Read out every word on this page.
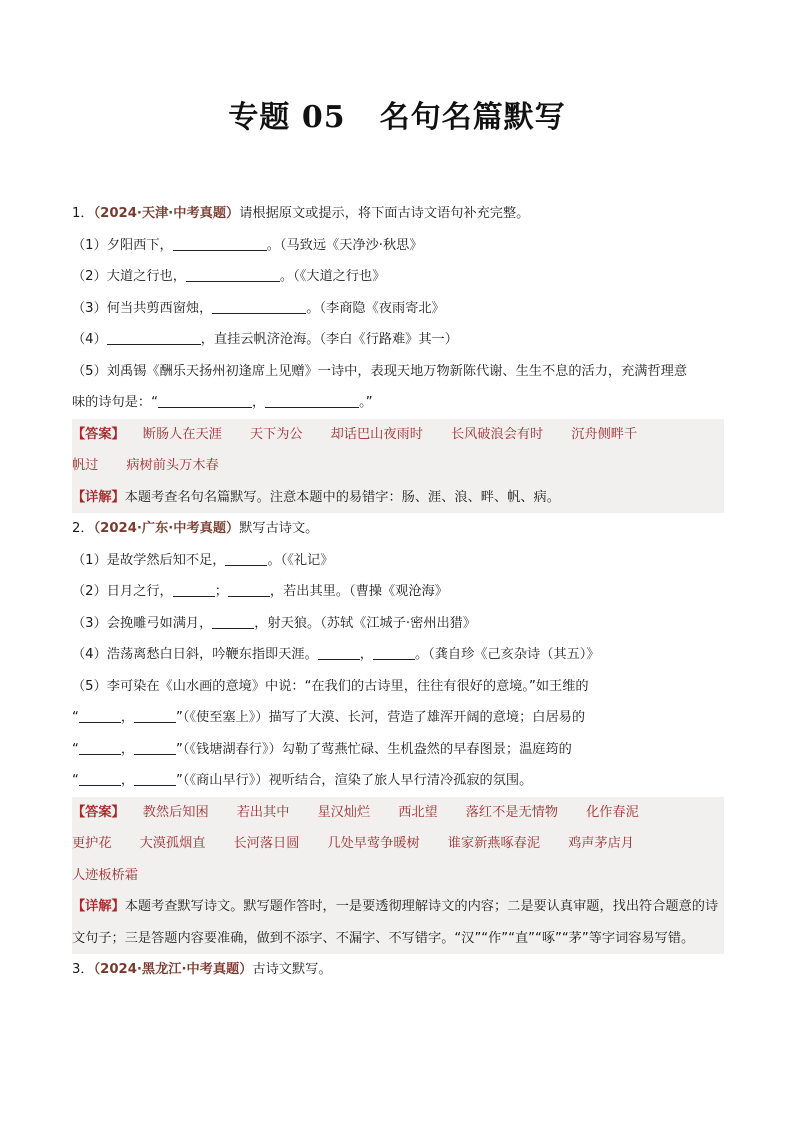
专题 05 名句名篇默写
1．（2024·天津·中考真题）请根据原文或提示，将下面古诗文语句补充完整。
（1）夕阳西下，	。（马致远《天净沙·秋思》
（2）大道之行也，	。（《大道之行也》
（3）何当共剪西窗烛，	。（李商隐《夜雨寄北》
（4）	，直挂云帆济沧海。（李白《行路难》其一）
（5）刘禹锡《酬乐天扬州初逢席上见赠》一诗中，表现天地万物新陈代谢、生生不息的活力，充满哲理意
味的诗句是：“	，	。”
【答案】 断肠人在天涯 天下为公 却话巴山夜雨时 长风破浪会有时 沉舟侧畔千
帆过 病树前头万木春
【详解】本题考查名句名篇默写。注意本题中的易错字：肠、涯、浪、畔、帆、病。
2．（2024·广东·中考真题）默写古诗文。
（1）是故学然后知不足，	。（《礼记》
（2）日月之行，	；	，若出其里。（曹操《观沧海》
（3）会挽雕弓如满月，	，射天狼。（苏轼《江城子·密州出猎》
（4）浩荡离愁白日斜，吟鞭东指即天涯。	，	。（龚自珍《己亥杂诗（其五）》
（5）李可染在《山水画的意境》中说：“在我们的古诗里，往往有很好的意境。”如王维的
“	，	”（《使至塞上》）描写了大漠、长河，营造了雄浑开阔的意境；白居易的
“	，	”（《钱塘湖春行》）勾勒了莺燕忙碌、生机盎然的早春图景；温庭筠的
“	，	”（《商山早行》）视听结合，渲染了旅人早行清冷孤寂的氛围。
【答案】 教然后知困 若出其中 星汉灿烂 西北望 落红不是无情物 化作春泥
更护花 大漠孤烟直 长河落日圆 几处早莺争暖树 谁家新燕啄春泥 鸡声茅店月
人迹板桥霜
【详解】本题考查默写诗文。默写题作答时，一是要透彻理解诗文的内容；二是要认真审题，找出符合题意的诗文句子；三是答题内容要准确，做到不添字、不漏字、不写错字。“汉”“作”“直”“啄”“茅”等字词容易写错。
3．（2024·黑龙江·中考真题）古诗文默写。
